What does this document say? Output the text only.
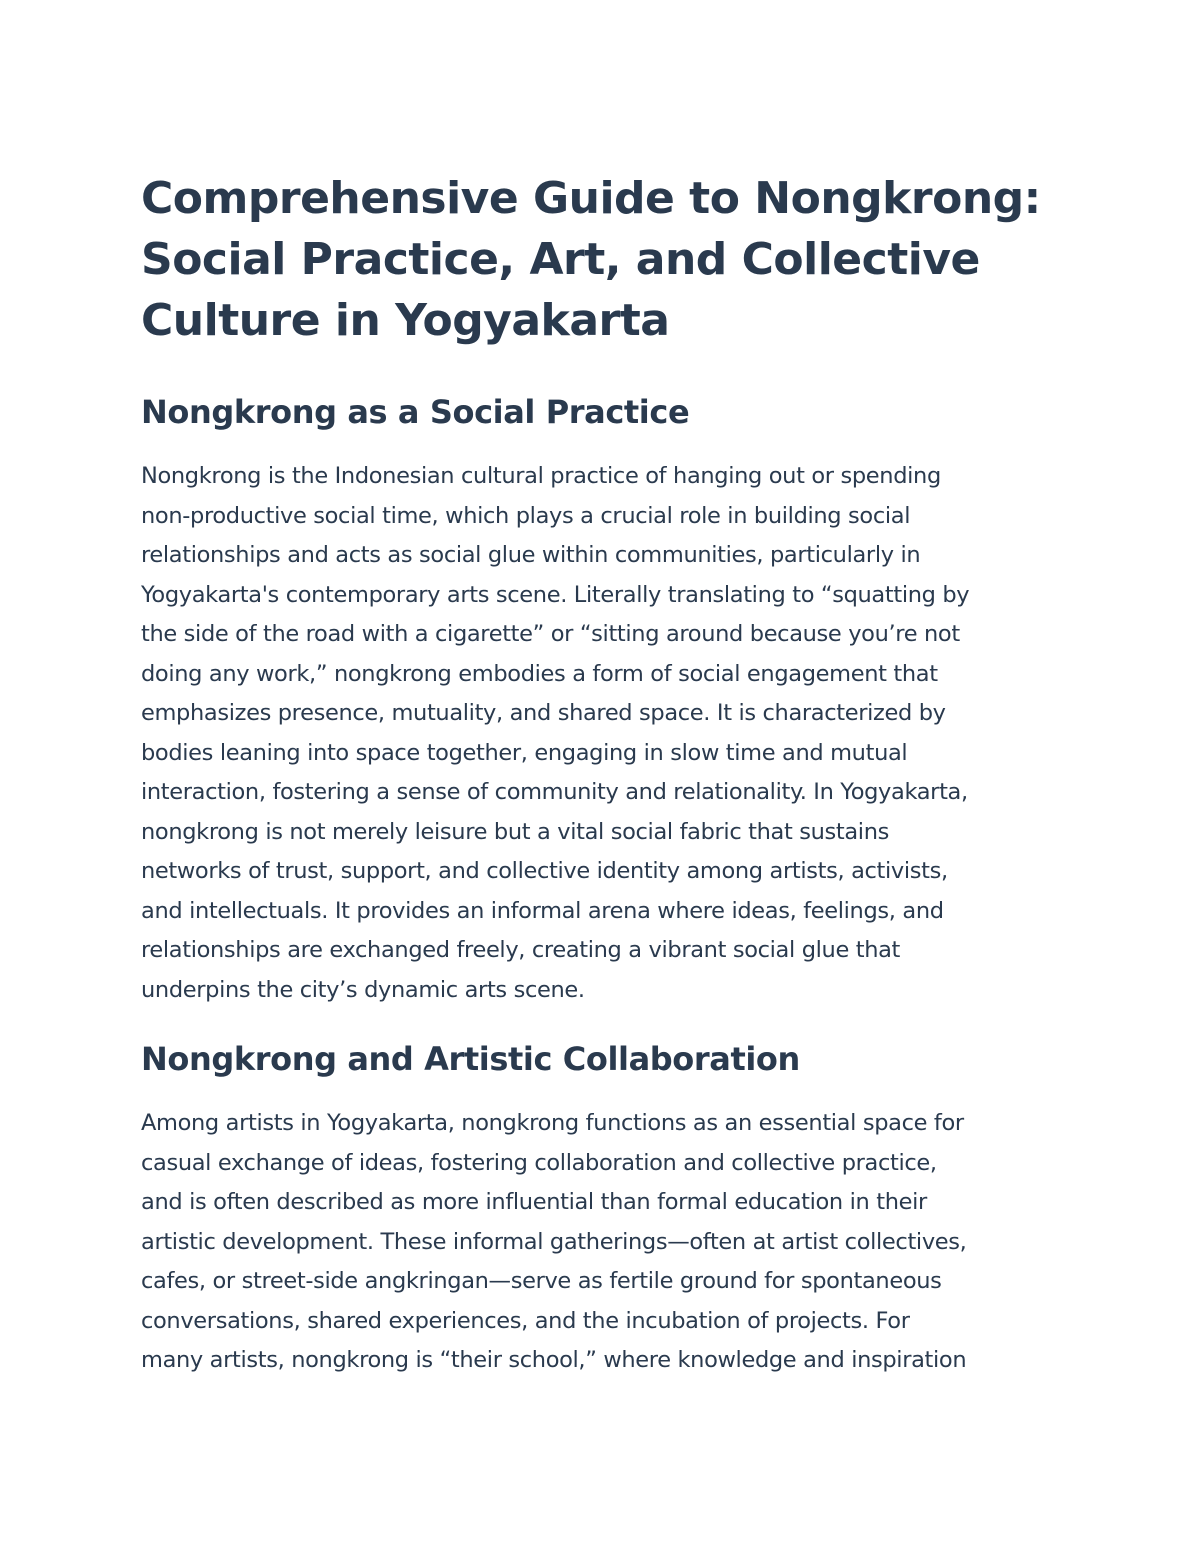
Comprehensive Guide to Nongkrong:
Social Practice, Art, and Collective
Culture in Yogyakarta
Nongkrong as a Social Practice

Nongkrong is the Indonesian cultural practice of hanging out or spending
non-productive social time, which plays a crucial role in building social
relationships and acts as social glue within communities, particularly in
Yogyakarta's contemporary arts scene. Literally translating to “squatting by
the side of the road with a cigarette” or “sitting around because you’re not
doing any work,” nongkrong embodies a form of social engagement that
emphasizes presence, mutuality, and shared space. It is characterized by
bodies leaning into space together, engaging in slow time and mutual
interaction, fostering a sense of community and relationality. In Yogyakarta,
nongkrong is not merely leisure but a vital social fabric that sustains
networks of trust, support, and collective identity among artists, activists,
and intellectuals. It provides an informal arena where ideas, feelings, and
relationships are exchanged freely, creating a vibrant social glue that
underpins the city’s dynamic arts scene.

Nongkrong and Artistic Collaboration

Among artists in Yogyakarta, nongkrong functions as an essential space for
casual exchange of ideas, fostering collaboration and collective practice,
and is often described as more influential than formal education in their
artistic development. These informal gatherings—often at artist collectives,
cafes, or street-side angkringan—serve as fertile ground for spontaneous
conversations, shared experiences, and the incubation of projects. For
many artists, nongkrong is “their school,” where knowledge and inspiration
